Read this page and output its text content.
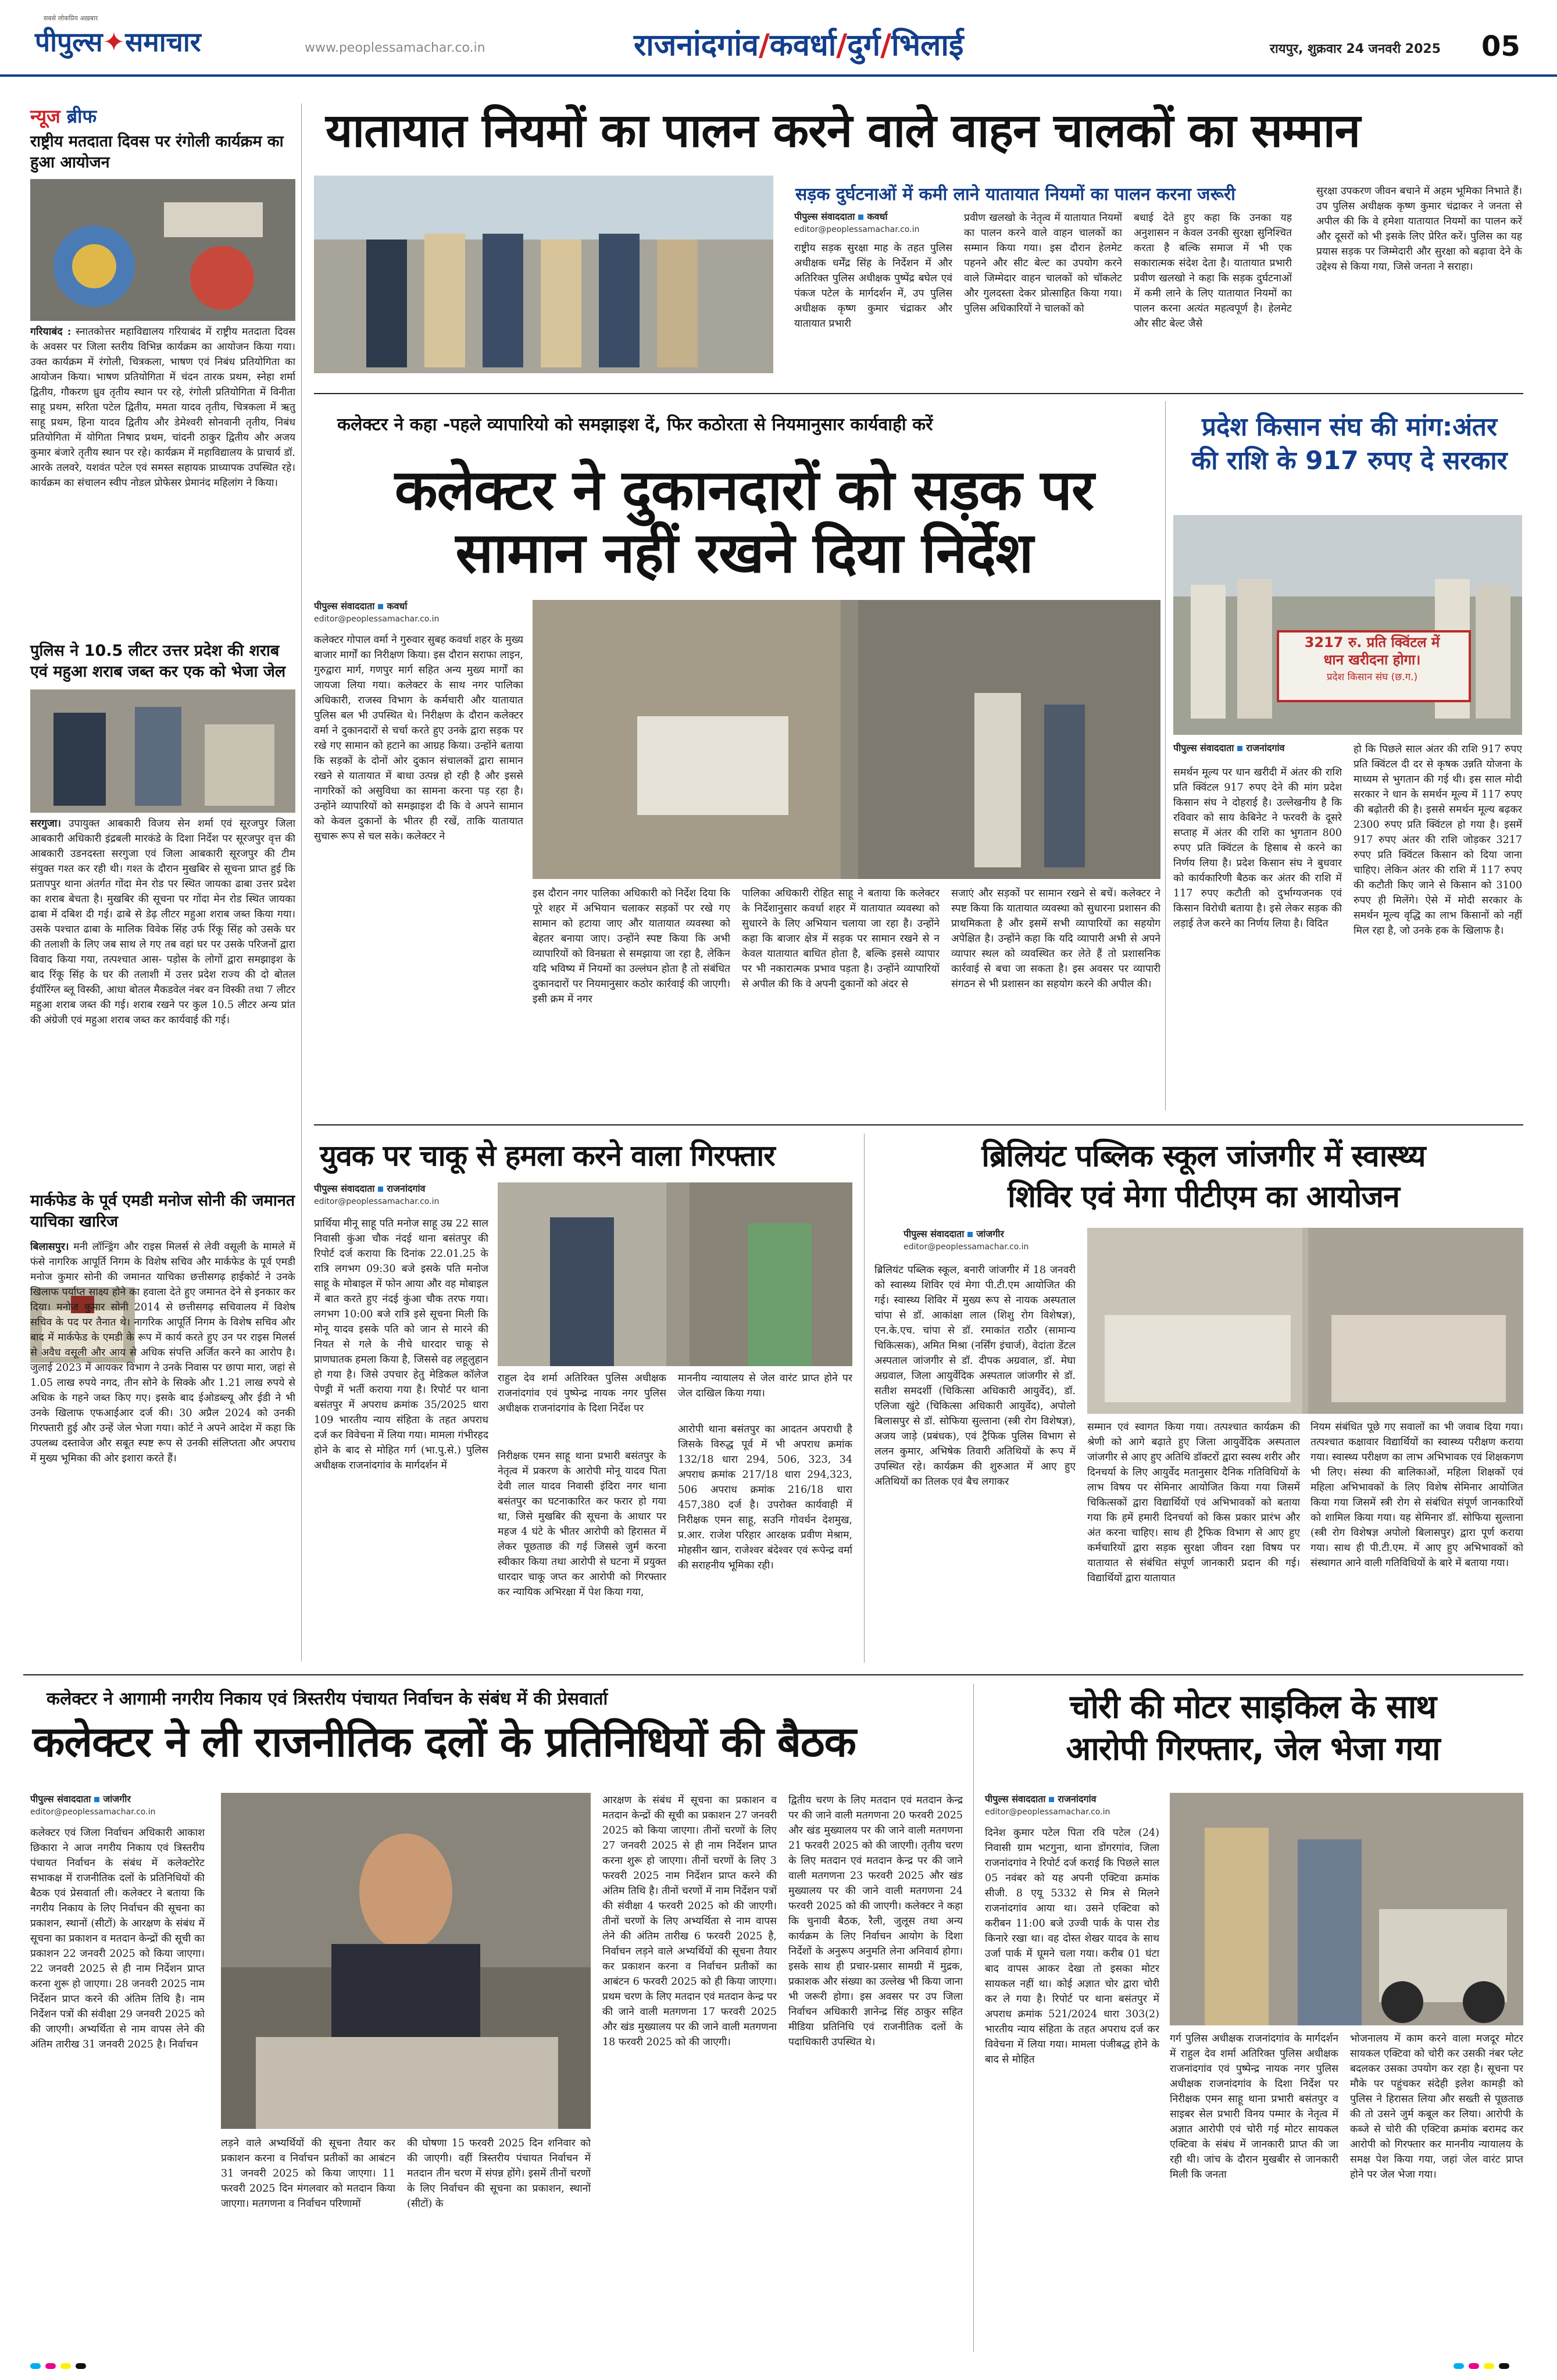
सबसे लोकप्रिय अख़बार
पीपुल्स✦समाचार	www.peoplessamachar.co.in	राजनांदगांव/कवर्धा/दुर्ग/भिलाई	रायपुर, शुक्रवार 24 जनवरी 2025 05
न्यूज ब्रीफ
राष्ट्रीय मतदाता दिवस पर रंगोली कार्यक्रम का हुआ आयोजन
गरियाबंद : स्नातकोत्तर महाविद्यालय गरियाबंद में राष्ट्रीय मतदाता दिवस के अवसर पर जिला स्तरीय विभिन्न कार्यक्रम का आयोजन किया गया। उक्त कार्यक्रम में रंगोली, चित्रकला, भाषण एवं निबंध प्रतियोगिता का आयोजन किया। भाषण प्रतियोगिता में चंदन तारक प्रथम, स्नेहा शर्मा द्वितीय, गौकरण ध्रुव तृतीय स्थान पर रहे, रंगोली प्रतियोगिता में विनीता साहू प्रथम, सरिता पटेल द्वितीय, ममता यादव तृतीय, चित्रकला में ऋतु साहू प्रथम, हिना यादव द्वितीय और डेमेश्वरी सोनवानी तृतीय, निबंध प्रतियोगिता में योगिता निषाद प्रथम, चांदनी ठाकुर द्वितीय और अजय कुमार बंजारे तृतीय स्थान पर रहे। कार्यक्रम में महाविद्यालय के प्राचार्य डॉ. आरके तलवरे, यशवंत पटेल एवं समस्त सहायक प्राध्यापक उपस्थित रहे। कार्यक्रम का संचालन स्वीप नोडल प्रोफेसर प्रेमानंद महिलांग ने किया।
पुलिस ने 10.5 लीटर उत्तर प्रदेश की शराब एवं महुआ शराब जब्त कर एक को भेजा जेल
सरगुजा। उपायुक्त आबकारी विजय सेन शर्मा एवं सूरजपुर जिला आबकारी अधिकारी इंद्रबली मारकंडे के दिशा निर्देश पर सूरजपुर वृत्त की आबकारी उडनदस्ता सरगुजा एवं जिला आबकारी सूरजपुर की टीम संयुक्त गश्त कर रही थी। गश्त के दौरान मुखबिर से सूचना प्राप्त हुई कि प्रतापपुर थाना अंतर्गत गोंदा मेन रोड पर स्थित जायका ढाबा उत्तर प्रदेश का शराब बेचता है। मुखबिर की सूचना पर गोंदा मेन रोड स्थित जायका ढाबा में दबिश दी गई। ढाबे से डेढ़ लीटर महुआ शराब जब्त किया गया। उसके पश्चात ढाबा के मालिक विवेक सिंह उर्फ रिंकू सिंह को उसके घर की तलाशी के लिए जब साथ ले गए तब वहां घर पर उसके परिजनों द्वारा विवाद किया गया, तत्पश्चात आस- पड़ोस के लोगों द्वारा समझाइश के बाद रिंकू सिंह के घर की तलाशी में उत्तर प्रदेश राज्य की दो बोतल ईयॉरिंग्ल ब्लू विस्की, आधा बोतल मैकडवेल नंबर वन विस्की तथा 7 लीटर महुआ शराब जब्त की गई। शराब रखने पर कुल 10.5 लीटर अन्य प्रांत की अंग्रेजी एवं महुआ शराब जब्त कर कार्यवाई की गई।
मार्कफेड के पूर्व एमडी मनोज सोनी की जमानत याचिका खारिज
बिलासपुर। मनी लॉन्ड्रिंग और राइस मिलर्स से लेवी वसूली के मामले में फंसे नागरिक आपूर्ति निगम के विशेष सचिव और मार्कफेड के पूर्व एमडी मनोज कुमार सोनी की जमानत याचिका छत्तीसगढ़ हाईकोर्ट ने उनके खिलाफ पर्याप्त साक्ष्य होने का हवाला देते हुए जमानत देने से इनकार कर दिया। मनोज कुमार सोनी 2014 से छत्तीसगढ़ सचिवालय में विशेष सचिव के पद पर तैनात थे। नागरिक आपूर्ति निगम के विशेष सचिव और बाद में मार्कफेड के एमडी के रूप में कार्य करते हुए उन पर राइस मिलर्स से अवैध वसूली और आय से अधिक संपत्ति अर्जित करने का आरोप है। जुलाई 2023 में आयकर विभाग ने उनके निवास पर छापा मारा, जहां से 1.05 लाख रुपये नगद, तीन सोने के सिक्के और 1.21 लाख रुपये से अधिक के गहने जब्त किए गए। इसके बाद ईओडब्ल्यू और ईडी ने भी उनके खिलाफ एफआईआर दर्ज की। 30 अप्रैल 2024 को उनकी गिरफ्तारी हुई और उन्हें जेल भेजा गया। कोर्ट ने अपने आदेश में कहा कि उपलब्ध दस्तावेज और सबूत स्पष्ट रूप से उनकी संलिप्तता और अपराध में मुख्य भूमिका की ओर इशारा करते हैं।
यातायात नियमों का पालन करने वाले वाहन चालकों का सम्मान
सड़क दुर्घटनाओं में कमी लाने यातायात नियमों का पालन करना जरूरी
पीपुल्स संवाददाता कवर्धा
editor@peoplessamachar.co.in
राष्ट्रीय सड़क सुरक्षा माह के तहत पुलिस अधीक्षक धर्मेंद्र सिंह के निर्देशन में और अतिरिक्त पुलिस अधीक्षक पुष्पेंद्र बघेल एवं पंकज पटेल के मार्गदर्शन में, उप पुलिस अधीक्षक कृष्ण कुमार चंद्राकर और यातायात प्रभारी
प्रवीण खलखो के नेतृत्व में यातायात नियमों का पालन करने वाले वाहन चालकों का सम्मान किया गया। इस दौरान हेलमेट पहनने और सीट बेल्ट का उपयोग करने वाले जिम्मेदार वाहन चालकों को चॉकलेट और गुलदस्ता देकर प्रोत्साहित किया गया। पुलिस अधिकारियों ने चालकों को
बधाई देते हुए कहा कि उनका यह अनुशासन न केवल उनकी सुरक्षा सुनिश्चित करता है बल्कि समाज में भी एक सकारात्मक संदेश देता है। यातायात प्रभारी प्रवीण खलखो ने कहा कि सड़क दुर्घटनाओं में कमी लाने के लिए यातायात नियमों का पालन करना अत्यंत महत्वपूर्ण है। हेलमेट और सीट बेल्ट जैसे
सुरक्षा उपकरण जीवन बचाने में अहम भूमिका निभाते हैं। उप पुलिस अधीक्षक कृष्ण कुमार चंद्राकर ने जनता से अपील की कि वे हमेशा यातायात नियमों का पालन करें और दूसरों को भी इसके लिए प्रेरित करें। पुलिस का यह प्रयास सड़क पर जिम्मेदारी और सुरक्षा को बढ़ावा देने के उद्देश्य से किया गया, जिसे जनता ने सराहा।
कलेक्टर ने कहा -पहले व्यापारियो को समझाइश दें, फिर कठोरता से नियमानुसार कार्यवाही करें
कलेक्टर ने दुकानदारों को सड़क पर
सामान नहीं रखने दिया निर्देश
पीपुल्स संवाददाता कवर्धा
editor@peoplessamachar.co.in
कलेक्टर गोपाल वर्मा ने गुरुवार सुबह कवर्धा शहर के मुख्य बाजार मार्गों का निरीक्षण किया। इस दौरान सराफा लाइन, गुरुद्वारा मार्ग, गणपुर मार्ग सहित अन्य मुख्य मार्गों का जायजा लिया गया। कलेक्टर के साथ नगर पालिका अधिकारी, राजस्व विभाग के कर्मचारी और यातायात पुलिस बल भी उपस्थित थे। निरीक्षण के दौरान कलेक्टर वर्मा ने दुकानदारों से चर्चा करते हुए उनके द्वारा सड़क पर रखे गए सामान को हटाने का आग्रह किया। उन्होंने बताया कि सड़कों के दोनों ओर दुकान संचालकों द्वारा सामान रखने से यातायात में बाधा उत्पन्न हो रही है और इससे नागरिकों को असुविधा का सामना करना पड़ रहा है। उन्होंने व्यापारियों को समझाइश दी कि वे अपने सामान को केवल दुकानों के भीतर ही रखें, ताकि यातायात सुचारू रूप से चल सके। कलेक्टर ने
इस दौरान नगर पालिका अधिकारी को निर्देश दिया कि पूरे शहर में अभियान चलाकर सड़कों पर रखे गए सामान को हटाया जाए और यातायात व्यवस्था को बेहतर बनाया जाए। उन्होंने स्पष्ट किया कि अभी व्यापारियों को विनम्रता से समझाया जा रहा है, लेकिन यदि भविष्य में नियमों का उल्लंघन होता है तो संबंधित दुकानदारों पर नियमानुसार कठोर कार्रवाई की जाएगी। इसी क्रम में नगर
पालिका अधिकारी रोहित साहू ने बताया कि कलेक्टर के निर्देशानुसार कवर्धा शहर में यातायात व्यवस्था को सुधारने के लिए अभियान चलाया जा रहा है। उन्होंने कहा कि बाजार क्षेत्र में सड़क पर सामान रखने से न केवल यातायात बाधित होता है, बल्कि इससे व्यापार पर भी नकारात्मक प्रभाव पड़ता है। उन्होंने व्यापारियों से अपील की कि वे अपनी दुकानों को अंदर से
सजाएं और सड़कों पर सामान रखने से बचें। कलेक्टर ने स्पष्ट किया कि यातायात व्यवस्था को सुधारना प्रशासन की प्राथमिकता है और इसमें सभी व्यापारियों का सहयोग अपेक्षित है। उन्होंने कहा कि यदि व्यापारी अभी से अपने व्यापार स्थल को व्यवस्थित कर लेते हैं तो प्रशासनिक कार्रवाई से बचा जा सकता है। इस अवसर पर व्यापारी संगठन से भी प्रशासन का सहयोग करने की अपील की।
प्रदेश किसान संघ की मांग:अंतर
की राशि के 917 रुपए दे सरकार
3217 रु. प्रति क्विंटल में
धान खरीदना होगा।
प्रदेश किसान संघ (छ.ग.)
पीपुल्स संवाददाता राजनांदगांव
समर्थन मूल्य पर धान खरीदी में अंतर की राशि प्रति क्विंटल 917 रुपए देने की मांग प्रदेश किसान संघ ने दोहराई है। उल्लेखनीय है कि रविवार को साय केबिनेट ने फरवरी के दूसरे सप्ताह में अंतर की राशि का भुगतान 800 रुपए प्रति क्विंटल के हिसाब से करने का निर्णय लिया है। प्रदेश किसान संघ ने बुधवार को कार्यकारिणी बैठक कर अंतर की राशि में 117 रुपए कटौती को दुर्भाग्यजनक एवं किसान विरोधी बताया है। इसे लेकर सड़क की लड़ाई तेज करने का निर्णय लिया है। विदित
हो कि पिछले साल अंतर की राशि 917 रुपए प्रति क्विंटल दी दर से कृषक उन्नति योजना के माध्यम से भुगतान की गई थी। इस साल मोदी सरकार ने धान के समर्थन मूल्य में 117 रुपए की बढ़ोतरी की है। इससे समर्थन मूल्य बढ़कर 2300 रुपए प्रति क्विंटल हो गया है। इसमें 917 रुपए अंतर की राशि जोड़कर 3217 रुपए प्रति क्विंटल किसान को दिया जाना चाहिए। लेकिन अंतर की राशि में 117 रुपए की कटौती किए जाने से किसान को 3100 रुपए ही मिलेंगे। ऐसे में मोदी सरकार के समर्थन मूल्य वृद्धि का लाभ किसानों को नहीं मिल रहा है, जो उनके हक के खिलाफ है।
युवक पर चाकू से हमला करने वाला गिरफ्तार
पीपुल्स संवाददाता राजनांदगांव
editor@peoplessamachar.co.in
प्रार्थिया मीनू साहू पति मनोज साहू उम्र 22 साल निवासी कुंआ चौक नंदई थाना बसंतपुर की रिपोर्ट दर्ज कराया कि दिनांक 22.01.25 के रात्रि लगभग 09:30 बजे इसके पति मनोज साहू के मोबाइल में फोन आया और वह मोबाइल में बात करते हुए नंदई कुंआ चौक तरफ गया। लगभग 10:00 बजे रात्रि इसे सूचना मिली कि मोनू यादव इसके पति को जान से मारने की नियत से गले के नीचे धारदार चाकू से प्राणघातक हमला किया है, जिससे वह लहूलुहान हो गया है। जिसे उपचार हेतु मेडिकल कॉलेज पेण्ड्री में भर्ती कराया गया है। रिपोर्ट पर थाना बसंतपुर में अपराध क्रमांक 35/2025 धारा 109 भारतीय न्याय संहिता के तहत अपराध दर्ज कर विवेचना में लिया गया। मामला गंभीरहद होने के बाद से मोहित गर्ग (भा.पु.से.) पुलिस अधीक्षक राजनांदगांव के मार्गदर्शन में
राहुल देव शर्मा अतिरिक्त पुलिस अधीक्षक राजनांदगांव एवं पुष्पेन्द्र नायक नगर पुलिस अधीक्षक राजनांदगांव के दिशा निर्देश पर
माननीय न्यायालय से जेल वारंट प्राप्त होने पर जेल दाखिल किया गया।
निरीक्षक एमन साहू थाना प्रभारी बसंतपुर के नेतृत्व में प्रकरण के आरोपी मोनू यादव पिता देवी लाल यादव निवासी इंदिरा नगर थाना बसंतपुर का घटनाकारित कर फरार हो गया था, जिसे मुखबिर की सूचना के आधार पर महज 4 घंटे के भीतर आरोपी को हिरासत में लेकर पूछताछ की गई जिससे जुर्म करना स्वीकार किया तथा आरोपी से घटना में प्रयुक्त धारदार चाकू जप्त कर आरोपी को गिरफ्तार कर न्यायिक अभिरक्षा में पेश किया गया,
आरोपी थाना बसंतपुर का आदतन अपराधी है जिसके विरुद्ध पूर्व में भी अपराध क्रमांक 132/18 धारा 294, 506, 323, 34 अपराध क्रमांक 217/18 धारा 294,323, 506 अपराध क्रमांक 216/18 धारा 457,380 दर्ज है। उपरोक्त कार्यवाही में निरीक्षक एमन साहू, सउनि गोवर्धन देशमुख, प्र.आर. राजेश परिहार आरक्षक प्रवीण मेश्राम, मोहसीन खान, राजेश्वर बंदेश्वर एवं रूपेन्द्र वर्मा की सराहनीय भूमिका रही।
ब्रिलियंट पब्लिक स्कूल जांजगीर में स्वास्थ्य
शिविर एवं मेगा पीटीएम का आयोजन
पीपुल्स संवाददाता जांजगीर
editor@peoplessamachar.co.in
ब्रिलियंट पब्लिक स्कूल, बनारी जांजगीर में 18 जनवरी को स्वास्थ्य शिविर एवं मेगा पी.टी.एम आयोजित की गई। स्वास्थ्य शिविर में मुख्य रूप से नायक अस्पताल चांपा से डॉ. आकांक्षा लाल (शिशु रोग विशेषज्ञ), एन.के.एच. चांपा से डॉ. रमाकांत राठौर (सामान्य चिकित्सक), अमित मिश्रा (नर्सिंग इंचार्ज), वेदांता डेंटल अस्पताल जांजगीर से डॉ. दीपक अग्रवाल, डॉ. मेघा अग्रवाल, जिला आयुर्वेदिक अस्पताल जांजगीर से डॉ. सतीश समदर्शी (चिकित्सा अधिकारी आयुर्वेद), डॉ. एलिजा खुंटे (चिकित्सा अधिकारी आयुर्वेद), अपोलो बिलासपुर से डॉ. सोफिया सुल्ताना (स्त्री रोग विशेषज्ञ), अजय जाड़े (प्रबंधक), एवं ट्रैफिक पुलिस विभाग से ललन कुमार, अभिषेक तिवारी अतिथियों के रूप में उपस्थित रहे। कार्यक्रम की शुरुआत में आए हुए अतिथियों का तिलक एवं बैच लगाकर
सम्मान एवं स्वागत किया गया। तत्पश्चात कार्यक्रम की श्रेणी को आगे बढ़ाते हुए जिला आयुर्वेदिक अस्पताल जांजगीर से आए हुए अतिथि डॉक्टरों द्वारा स्वस्थ शरीर और दिनचर्या के लिए आयुर्वेद मतानुसार दैनिक गतिविधियों के लाभ विषय पर सेमिनार आयोजित किया गया जिसमें चिकित्सकों द्वारा विद्यार्थियों एवं अभिभावकों को बताया गया कि हमें हमारी दिनचर्या को किस प्रकार प्रारंभ और अंत करना चाहिए। साथ ही ट्रैफिक विभाग से आए हुए कर्मचारियों द्वारा सड़क सुरक्षा जीवन रक्षा विषय पर यातायात से संबंधित संपूर्ण जानकारी प्रदान की गई। विद्यार्थियों द्वारा यातायात
नियम संबंधित पूछे गए सवालों का भी जवाब दिया गया। तत्पश्चात कक्षावार विद्यार्थियों का स्वास्थ्य परीक्षण कराया गया। स्वास्थ्य परीक्षण का लाभ अभिभावक एवं शिक्षकगण भी लिए। संस्था की बालिकाओं, महिला शिक्षकों एवं महिला अभिभावकों के लिए विशेष सेमिनार आयोजित किया गया जिसमें स्त्री रोग से संबंधित संपूर्ण जानकारियों को शामिल किया गया। यह सेमिनार डॉ. सोफिया सुल्ताना (स्त्री रोग विशेषज्ञ अपोलो बिलासपुर) द्वारा पूर्ण कराया गया। साथ ही पी.टी.एम. में आए हुए अभिभावकों को संस्थागत आने वाली गतिविधियों के बारे में बताया गया।
कलेक्टर ने आगामी नगरीय निकाय एवं त्रिस्तरीय पंचायत निर्वाचन के संबंध में की प्रेसवार्ता
कलेक्टर ने ली राजनीतिक दलों के प्रतिनिधियों की बैठक
पीपुल्स संवाददाता जांजगीर
editor@peoplessamachar.co.in
कलेक्टर एवं जिला निर्वाचन अधिकारी आकाश छिकारा ने आज नगरीय निकाय एवं त्रिस्तरीय पंचायत निर्वाचन के संबंध में कलेक्टोरेट सभाकक्ष में राजनीतिक दलों के प्रतिनिधियों की बैठक एवं प्रेसवार्ता ली। कलेक्टर ने बताया कि नगरीय निकाय के लिए निर्वाचन की सूचना का प्रकाशन, स्थानों (सीटों) के आरक्षण के संबंध में सूचना का प्रकाशन व मतदान केन्द्रों की सूची का प्रकाशन 22 जनवरी 2025 को किया जाएगा। 22 जनवरी 2025 से ही नाम निर्देशन प्राप्त करना शुरू हो जाएगा। 28 जनवरी 2025 नाम निर्देशन प्राप्त करने की अंतिम तिथि है। नाम निर्देशन पत्रों की संवीक्षा 29 जनवरी 2025 को की जाएगी। अभ्यर्थिता से नाम वापस लेने की अंतिम तारीख 31 जनवरी 2025 है। निर्वाचन
लड़ने वाले अभ्यर्थियों की सूचना तैयार कर प्रकाशन करना व निर्वाचन प्रतीकों का आबंटन 31 जनवरी 2025 को किया जाएगा। 11 फरवरी 2025 दिन मंगलवार को मतदान किया जाएगा। मतगणना व निर्वाचन परिणामों
की घोषणा 15 फरवरी 2025 दिन शनिवार को की जाएगी। वहीं त्रिस्तरीय पंचायत निर्वाचन में मतदान तीन चरण में संपन्न होंगे। इसमें तीनों चरणों के लिए निर्वाचन की सूचना का प्रकाशन, स्थानों (सीटों) के
आरक्षण के संबंध में सूचना का प्रकाशन व मतदान केन्द्रों की सूची का प्रकाशन 27 जनवरी 2025 को किया जाएगा। तीनों चरणों के लिए 27 जनवरी 2025 से ही नाम निर्देशन प्राप्त करना शुरू हो जाएगा। तीनों चरणों के लिए 3 फरवरी 2025 नाम निर्देशन प्राप्त करने की अंतिम तिथि है। तीनों चरणों में नाम निर्देशन पत्रों की संवीक्षा 4 फरवरी 2025 को की जाएगी। तीनों चरणों के लिए अभ्यर्थिता से नाम वापस लेने की अंतिम तारीख 6 फरवरी 2025 है, निर्वाचन लड़ने वाले अभ्यर्थियों की सूचना तैयार कर प्रकाशन करना व निर्वाचन प्रतीकों का आबंटन 6 फरवरी 2025 को ही किया जाएगा। प्रथम चरण के लिए मतदान एवं मतदान केन्द्र पर की जाने वाली मतगणना 17 फरवरी 2025 और खंड मुख्यालय पर की जाने वाली मतगणना 18 फरवरी 2025 को की जाएगी।
द्वितीय चरण के लिए मतदान एवं मतदान केन्द्र पर की जाने वाली मतगणना 20 फरवरी 2025 और खंड मुख्यालय पर की जाने वाली मतगणना 21 फरवरी 2025 को की जाएगी। तृतीय चरण के लिए मतदान एवं मतदान केन्द्र पर की जाने वाली मतगणना 23 फरवरी 2025 और खंड मुख्यालय पर की जाने वाली मतगणना 24 फरवरी 2025 को की जाएगी। कलेक्टर ने कहा कि चुनावी बैठक, रैली, जुलूस तथा अन्य कार्यक्रम के लिए निर्वाचन आयोग के दिशा निर्देशों के अनुरूप अनुमति लेना अनिवार्य होगा। इसके साथ ही प्रचार-प्रसार सामग्री में मुद्रक, प्रकाशक और संख्या का उल्लेख भी किया जाना भी जरूरी होगा। इस अवसर पर उप जिला निर्वाचन अधिकारी ज्ञानेन्द्र सिंह ठाकुर सहित मीडिया प्रतिनिधि एवं राजनीतिक दलों के पदाधिकारी उपस्थित थे।
चोरी की मोटर साइकिल के साथ
आरोपी गिरफ्तार, जेल भेजा गया
पीपुल्स संवाददाता राजनांदगांव
editor@peoplessamachar.co.in
दिनेश कुमार पटेल पिता रवि पटेल (24) निवासी ग्राम भटगुना, थाना डोंगरगांव, जिला राजनांदगांव ने रिपोर्ट दर्ज कराई कि पिछले साल 05 नवंबर को यह अपनी एक्टिवा क्रमांक सीजी. 8 एयू 5332 से मित्र से मिलने राजनांदगांव आया था। उसने एक्टिवा को करीबन 11:00 बजे उज्वी पार्क के पास रोड किनारे रखा था। वह दोस्त शेखर यादव के साथ उर्जा पार्क में घूमने चला गया। करीब 01 घंटा बाद वापस आकर देखा तो इसका मोटर सायकल नहीं था। कोई अज्ञात चोर द्वारा चोरी कर ले गया है। रिपोर्ट पर थाना बसंतपुर में अपराध क्रमांक 521/2024 धारा 303(2) भारतीय न्याय संहिता के तहत अपराध दर्ज कर विवेचना में लिया गया। मामला पंजीबद्ध होने के बाद से मोहित
गर्ग पुलिस अधीक्षक राजनांदगांव के मार्गदर्शन में राहुल देव शर्मा अतिरिक्त पुलिस अधीक्षक राजनांदगांव एवं पुष्पेन्द्र नायक नगर पुलिस अधीक्षक राजनांदगांव के दिशा निर्देश पर निरीक्षक एमन साहू थाना प्रभारी बसंतपुर व साइबर सेल प्रभारी विनय पम्मार के नेतृत्व में अज्ञात आरोपी एवं चोरी गई मोटर सायकल एक्टिवा के संबंध में जानकारी प्राप्त की जा रही थी। जांच के दौरान मुखबीर से जानकारी मिली कि जनता
भोजनालय में काम करने वाला मजदूर मोटर सायकल एक्टिवा को चोरी कर उसकी नंबर प्लेट बदलकर उसका उपयोग कर रहा है। सूचना पर मौके पर पहुंचकर संदेही इलेश कामड़ी को पुलिस ने हिरासत लिया और सख्ती से पूछताछ की तो उसने जुर्म कबूल कर लिया। आरोपी के कब्जे से चोरी की एक्टिवा क्रमांक बरामद कर आरोपी को गिरफ्तार कर माननीय न्यायालय के समक्ष पेश किया गया, जहां जेल वारंट प्राप्त होने पर जेल भेजा गया।
